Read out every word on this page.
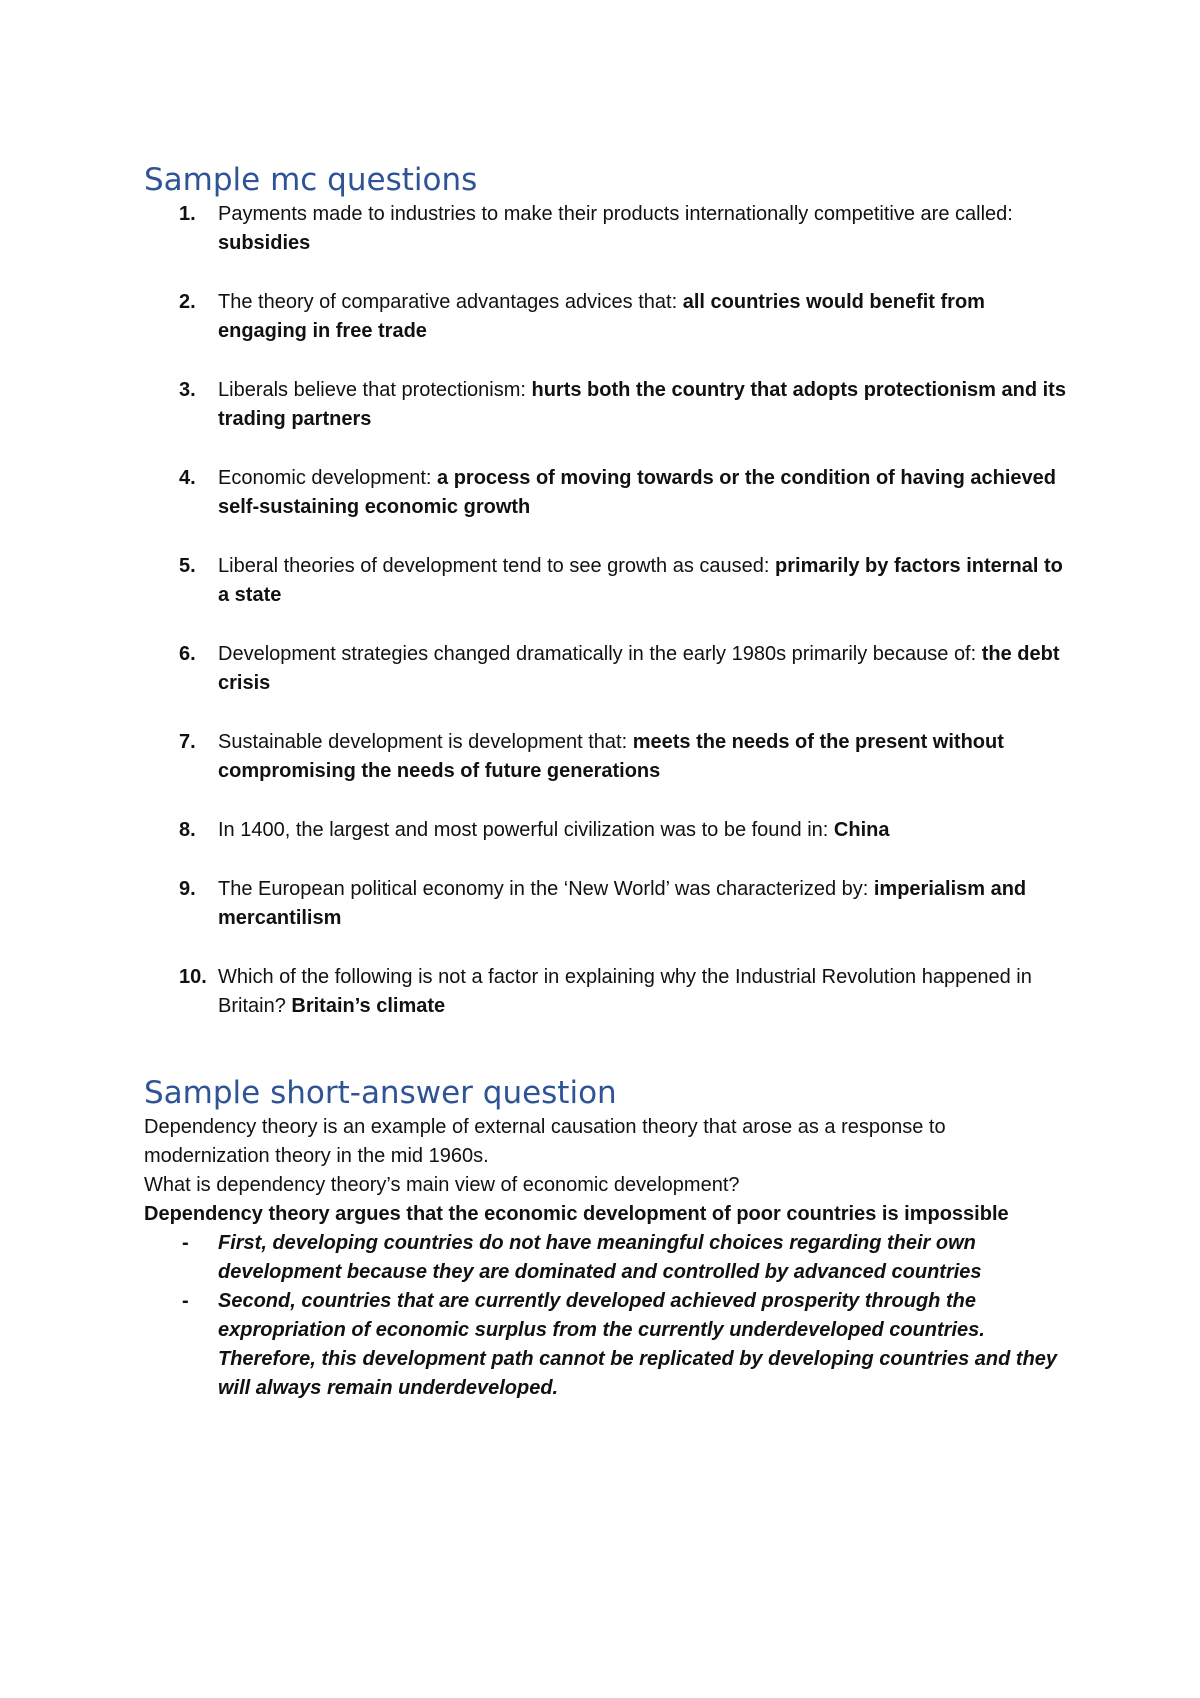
Sample mc questions
1.	Payments made to industries to make their products internationally competitive are called: subsidies
2.	The theory of comparative advantages advices that: all countries would benefit from engaging in free trade
3.	Liberals believe that protectionism: hurts both the country that adopts protectionism and its trading partners
4.	Economic development: a process of moving towards or the condition of having achieved self-sustaining economic growth
5.	Liberal theories of development tend to see growth as caused: primarily by factors internal to a state
6.	Development strategies changed dramatically in the early 1980s primarily because of: the debt crisis
7.	Sustainable development is development that: meets the needs of the present without compromising the needs of future generations
8.	In 1400, the largest and most powerful civilization was to be found in: China
9.	The European political economy in the ‘New World’ was characterized by: imperialism and mercantilism
10. Which of the following is not a factor in explaining why the Industrial Revolution happened in Britain? Britain’s climate
Sample short-answer question

Dependency theory is an example of external causation theory that arose as a response to modernization theory in the mid 1960s.

What is dependency theory’s main view of economic development?

Dependency theory argues that the economic development of poor countries is impossible

- First, developing countries do not have meaningful choices regarding their own development because they are dominated and controlled by advanced countries
- Second, countries that are currently developed achieved prosperity through the expropriation of economic surplus from the currently underdeveloped countries. Therefore, this development path cannot be replicated by developing countries and they will always remain underdeveloped.
